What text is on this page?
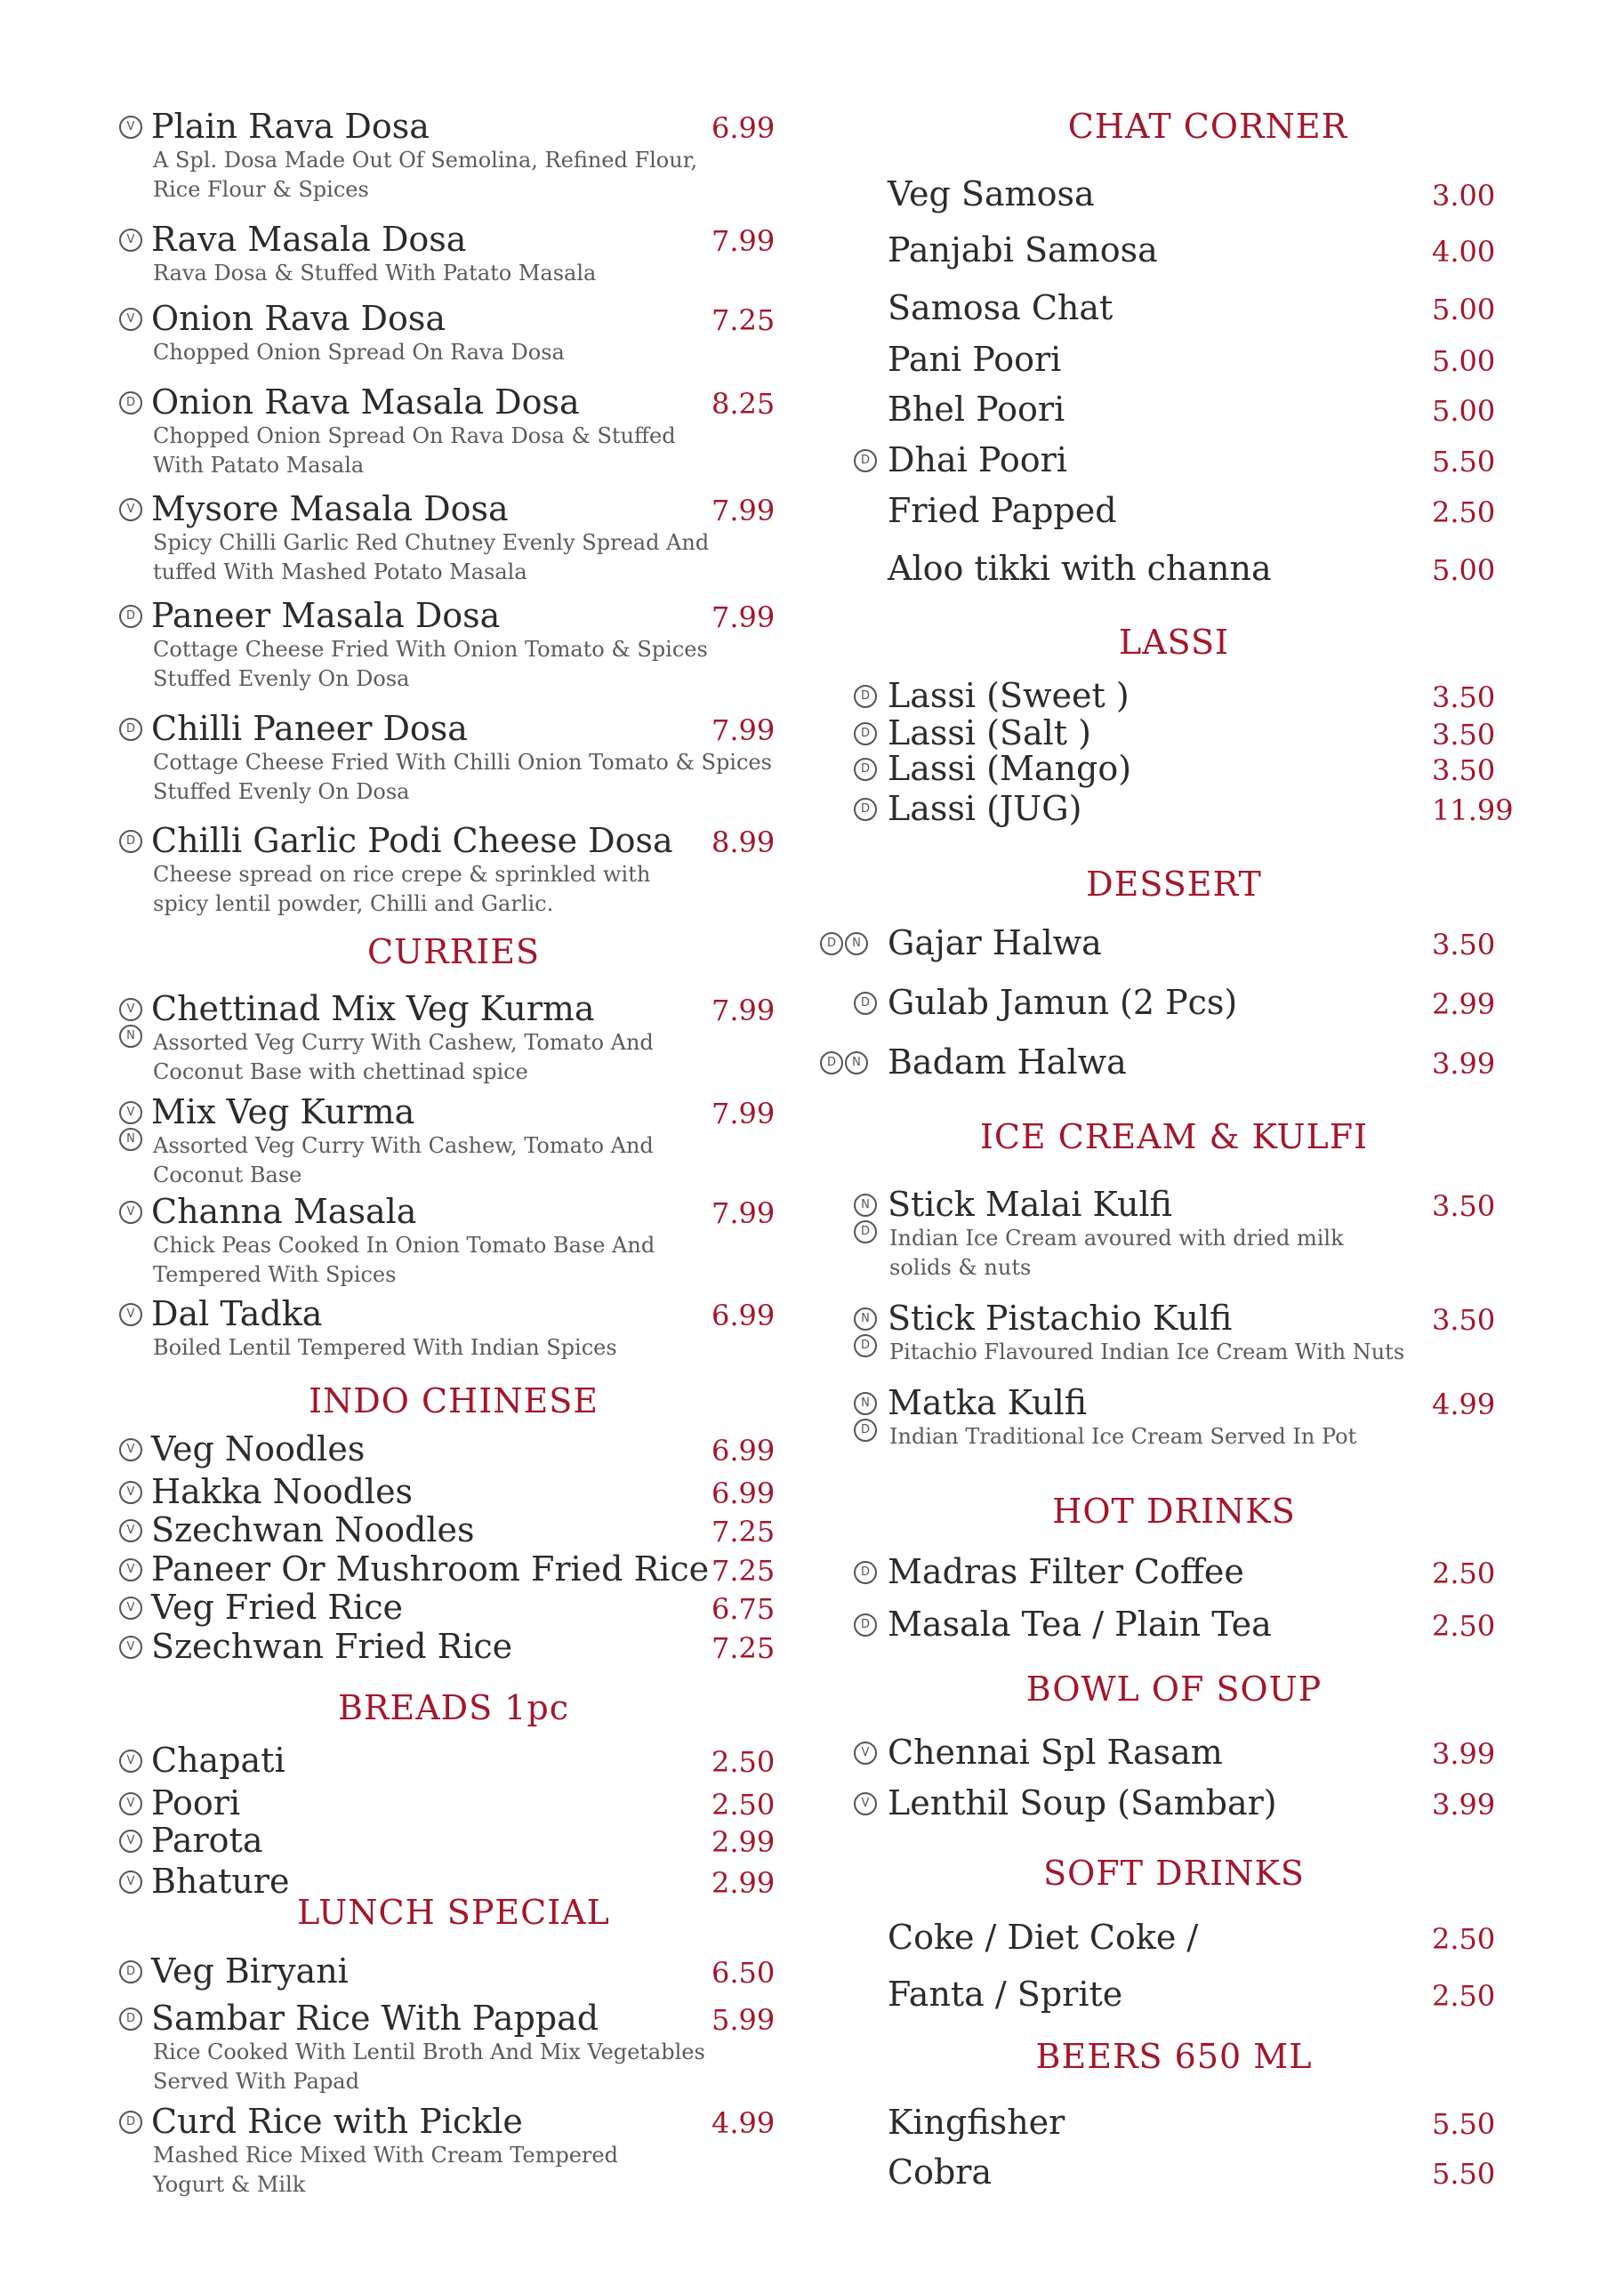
V Plain Rava Dosa	6.99
A Spl. Dosa Made Out Of Semolina, Refined Flour,
Rice Flour & Spices
V Rava Masala Dosa	7.99
Rava Dosa & Stuffed With Patato Masala
V Onion Rava Dosa	7.25
Chopped Onion Spread On Rava Dosa
D Onion Rava Masala Dosa	8.25
Chopped Onion Spread On Rava Dosa & Stuffed
With Patato Masala
V Mysore Masala Dosa	7.99
Spicy Chilli Garlic Red Chutney Evenly Spread And
tuffed With Mashed Potato Masala
D Paneer Masala Dosa	7.99
Cottage Cheese Fried With Onion Tomato & Spices
Stuffed Evenly On Dosa
D Chilli Paneer Dosa	7.99
Cottage Cheese Fried With Chilli Onion Tomato & Spices
Stuffed Evenly On Dosa
D Chilli Garlic Podi Cheese Dosa 8.99
Cheese spread on rice crepe & sprinkled with
spicy lentil powder, Chilli and Garlic.
CURRIES
V
N
Chettinad Mix Veg Kurma	7.99
Assorted Veg Curry With Cashew, Tomato And
Coconut Base with chettinad spice
V
N
Mix Veg Kurma	7.99
Assorted Veg Curry With Cashew, Tomato And
Coconut Base
V Channa Masala	7.99
Chick Peas Cooked In Onion Tomato Base And
Tempered With Spices
V Dal Tadka	6.99
Boiled Lentil Tempered With Indian Spices
INDO CHINESE
V Veg Noodles	6.99
V Hakka Noodles	6.99
V Szechwan Noodles	7.25
V Paneer Or Mushroom Fried Rice 7.25
V Veg Fried Rice	6.75
V Szechwan Fried Rice	7.25
BREADS 1pc
V Chapati	2.50
V Poori	2.50
V Parota	2.99
V Bhature	2.99
LUNCH SPECIAL
D Veg Biryani	6.50
D Sambar Rice With Pappad	5.99
Rice Cooked With Lentil Broth And Mix Vegetables
Served With Papad
D Curd Rice with Pickle	4.99
Mashed Rice Mixed With Cream Tempered
Yogurt & Milk
CHAT CORNER
Veg Samosa	3.00
Panjabi Samosa	4.00
Samosa Chat	5.00
Pani Poori	5.00
Bhel Poori	5.00
D Dhai Poori	5.50
Fried Papped	2.50
Aloo tikki with channa	5.00
LASSI
D Lassi (Sweet )	3.50
D Lassi (Salt )	3.50
D Lassi (Mango)	3.50
D Lassi (JUG)	11.99
DESSERT
D	N Gajar Halwa	3.50
D Gulab Jamun (2 Pcs)	2.99
D	N Badam Halwa	3.99
ICE CREAM & KULFI
N
D
Stick Malai Kulfi	3.50
Indian Ice Cream avoured with dried milk
solids & nuts
N
D
Stick Pistachio Kulfi	3.50
Pitachio Flavoured Indian Ice Cream With Nuts
N
D
Matka Kulfi	4.99
Indian Traditional Ice Cream Served In Pot
HOT DRINKS
D Madras Filter Coffee	2.50
D Masala Tea / Plain Tea	2.50
BOWL OF SOUP
V Chennai Spl Rasam	3.99
V Lenthil Soup (Sambar)	3.99
SOFT DRINKS
Coke / Diet Coke /	2.50
Fanta / Sprite	2.50
BEERS 650 ML
Kingfisher	5.50
Cobra	5.50
